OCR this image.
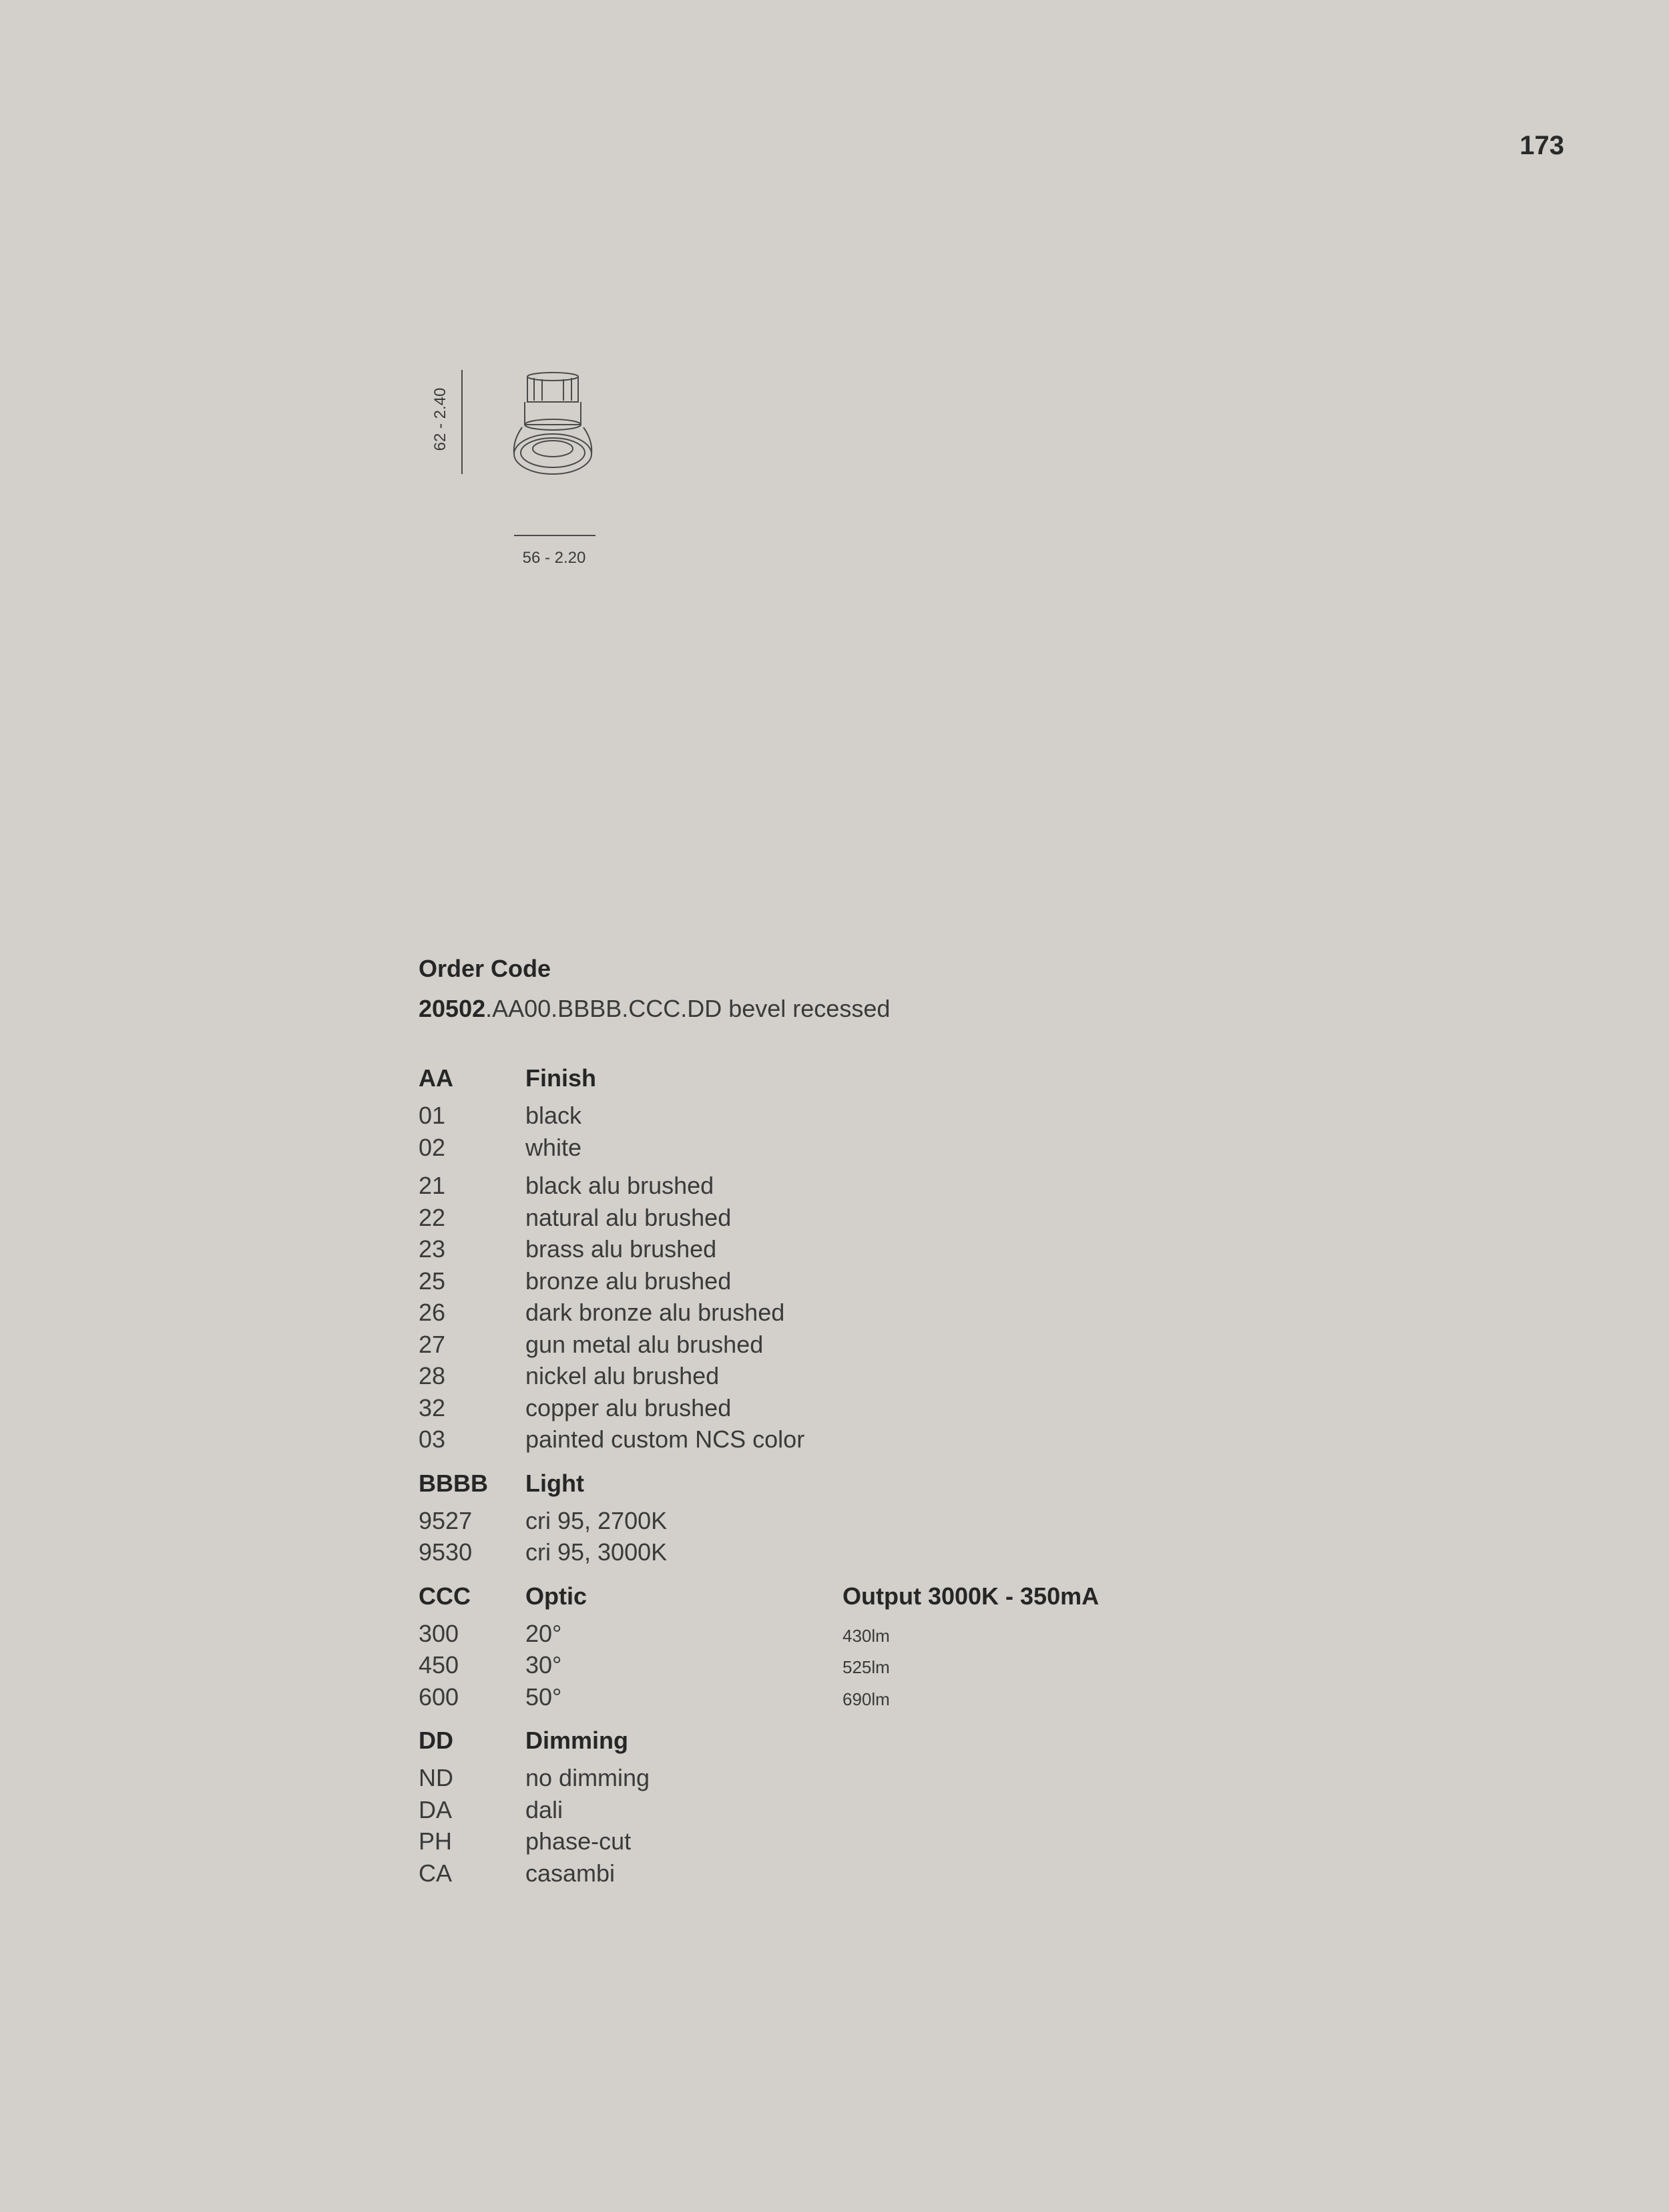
173
62 - 2.40
56 - 2.20
Order Code
20502.AA00.BBBB.CCC.DD bevel recessed
AA	Finish
01	black
02	white
21	black alu brushed
22	natural alu brushed
23	brass alu brushed
25	bronze alu brushed
26	dark bronze alu brushed
27	gun metal alu brushed
28	nickel alu brushed
32	copper alu brushed
03	painted custom NCS color
BBBB	Light
9527	cri 95, 2700K
9530	cri 95, 3000K
CCC	Optic	Output 3000K - 350mA
300	20°	430lm
450	30°	525lm
600	50°	690lm
DD	Dimming
ND	no dimming
DA	dali
PH	phase-cut
CA	casambi
